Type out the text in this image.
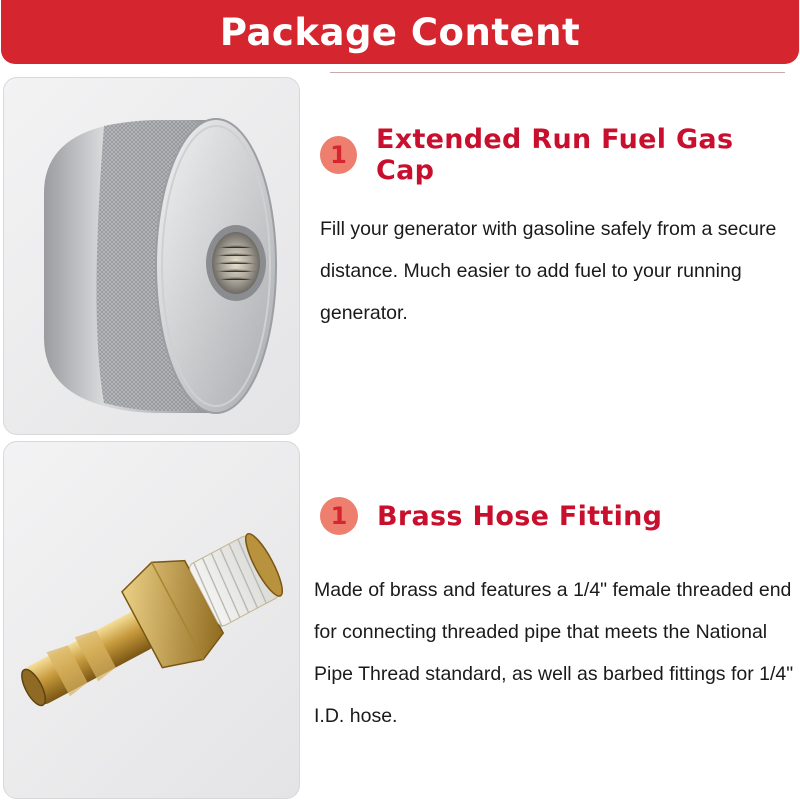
Package Content
1	Extended Run Fuel Gas Cap
Fill your generator with gasoline safely from a secure distance. Much easier to add fuel to your running generator.
1	Brass Hose Fitting
Made of brass and features a 1/4" female threaded end for connecting threaded pipe that meets the National Pipe Thread standard, as well as barbed fittings for 1/4" I.D. hose.
